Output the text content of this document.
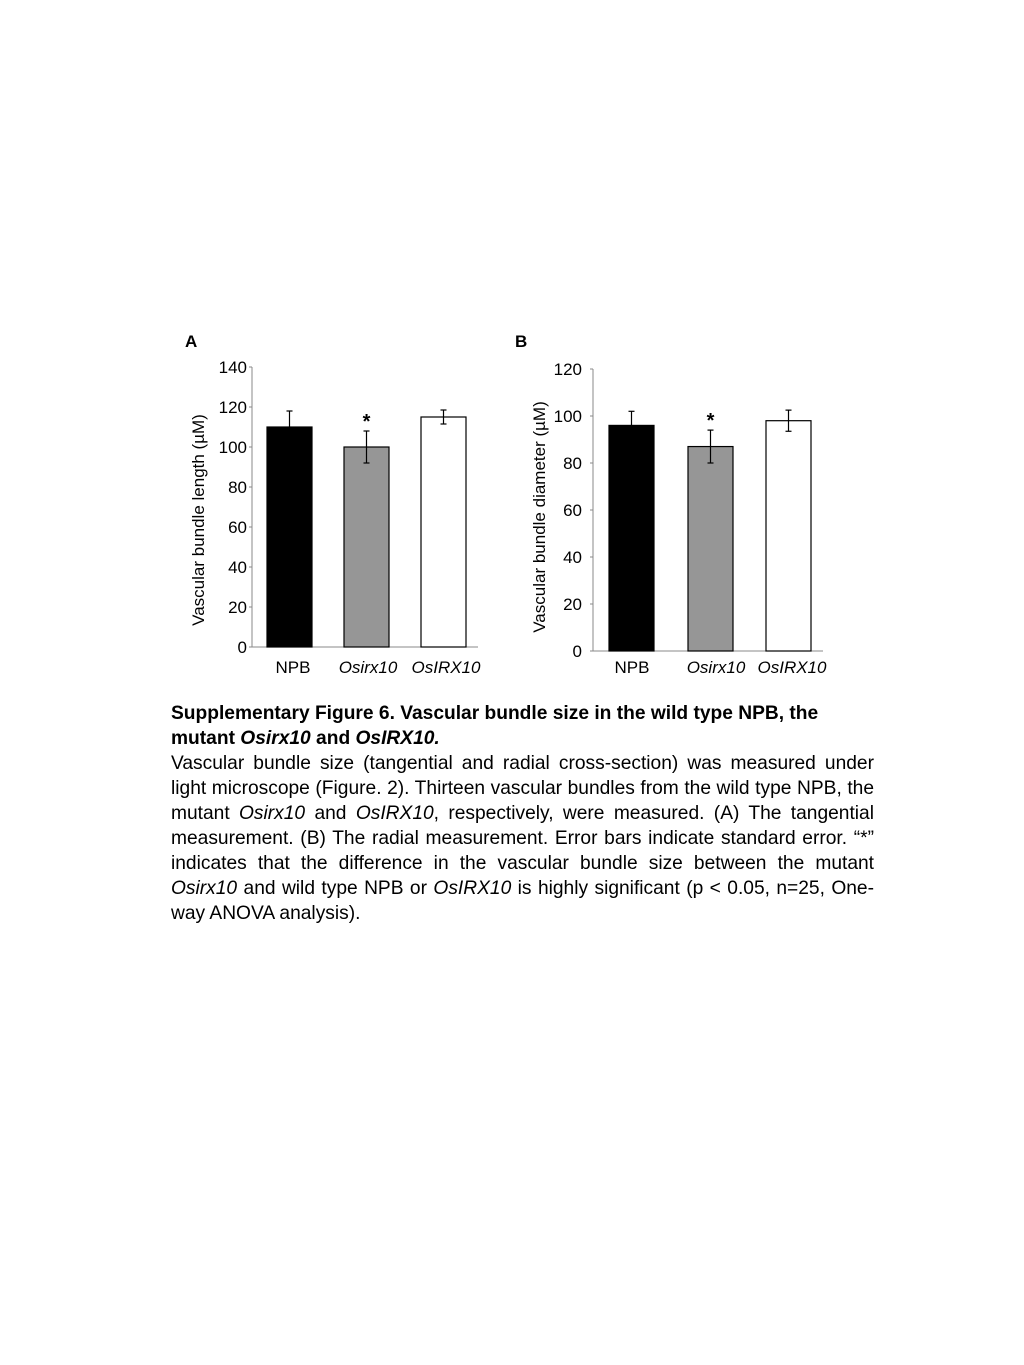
A	B
0
20
40
60
80
100
120
140
Vascular bundle length (µM)
NPB
*
Osirx10 OsIRX10
0
20
40
60
80
100
120
Vascular bundle diameter (µM)
NPB
*
Osirx10 OsIRX10
Supplementary Figure 6. Vascular bundle size in the wild type NPB, the mutant Osirx10 and OsIRX10.
Vascular bundle size (tangential and radial cross-section) was measured under light microscope (Figure. 2). Thirteen vascular bundles from the wild type NPB, the mutant Osirx10 and OsIRX10, respectively, were measured. (A) The tangential measurement. (B) The radial measurement. Error bars indicate standard error. “*” indicates that the difference in the vascular bundle size between the mutant Osirx10 and wild type NPB or OsIRX10 is highly significant (p < 0.05, n=25, One-way ANOVA analysis).
